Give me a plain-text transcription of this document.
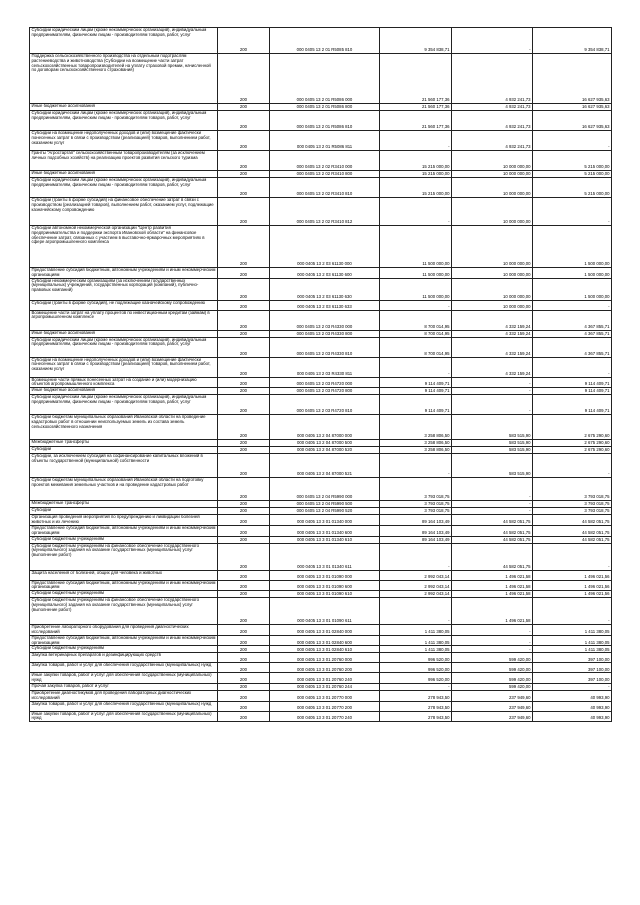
Субсидии юридическим лицам (кроме некоммерческих организаций), индивидуальным предпринимателям, физическим лицам - производителям товаров, работ, услуг	200	000 0405 13 2 01 R5085 810	9 354 838,71	-	9 354 838,71
Поддержка сельскохозяйственного производства на отдельным подотраслям растениеводства и животноводства (Субсидии на возмещение части затрат сельскохозяйственных товаропроизводителей на уплату страховой премии, начисленной по договорам сельскохозяйственного страхования)	200	000 0405 13 2 01 R5086 000	21 560 177,36	4 932 241,73	16 627 935,63
Иные бюджетные ассигнования	200	000 0405 13 2 01 R5086 800	21 560 177,36	4 932 241,73	16 627 935,63
Субсидии юридическим лицам (кроме некоммерческих организаций), индивидуальным предпринимателям, физическим лицам - производителям товаров, работ, услуг	200	000 0405 13 2 01 R5086 810	21 560 177,36	4 932 241,73	16 627 935,63
Субсидии на возмещение недополученных доходов и (или) возмещение фактически понесенных затрат в связи с производством (реализацией) товаров, выполнением работ, оказанием услуг	200	000 0405 13 2 01 R5086 811	-	4 932 241,73	-
Гранты "Агростартап" сельскохозяйственным товаропроизводителям (за исключением личных подсобных хозяйств) на реализацию проектов развития сельского туризма	200	000 0405 13 2 02 R3410 000	15 215 000,00	10 000 000,00	5 215 000,00
Иные бюджетные ассигнования	200	000 0405 13 2 02 R3410 800	15 215 000,00	10 000 000,00	5 215 000,00
Субсидии юридическим лицам (кроме некоммерческих организаций), индивидуальным предпринимателям, физическим лицам - производителям товаров, работ, услуг	200	000 0405 13 2 02 R3410 810	15 215 000,00	10 000 000,00	5 215 000,00
Субсидии (гранты в форме субсидий) на финансовое обеспечение затрат в связи с производством (реализацией товаров), выполнением работ, оказанием услуг, подлежащие казначейскому сопровождению	200	000 0405 13 2 02 R3410 812	-	10 000 000,00	-
Субсидии автономной некоммерческой организации "Центр развития предпринимательства и поддержки экспорта Ивановской области" на финансовое обеспечение затрат, связанных с участием в выставочно-ярмарочных мероприятиях в сфере агропромышленного комплекса	200	000 0405 13 2 03 61130 000	11 500 000,00	10 000 000,00	1 500 000,00
Предоставление субсидий бюджетным, автономным учреждениям и иным некоммерческим организациям	200	000 0405 13 2 03 61130 600	11 500 000,00	10 000 000,00	1 500 000,00
Субсидии некоммерческим организациям (за исключением государственных (муниципальных) учреждений, государственных корпораций (компаний), публично-правовых компаний)	200	000 0405 13 2 03 61130 630	11 500 000,00	10 000 000,00	1 500 000,00
Субсидии (гранты в форме субсидий), не подлежащие казначейскому сопровождению	200	000 0405 13 2 03 61130 633	-	10 000 000,00	-
Возмещение части затрат на уплату процентов по инвестиционным кредитам (займам) в агропромышленном комплексе	200	000 0405 13 2 03 R4330 000	8 700 014,95	4 332 159,24	4 367 855,71
Иные бюджетные ассигнования	200	000 0405 13 2 03 R4330 800	8 700 014,95	4 332 159,24	4 367 855,71
Субсидии юридическим лицам (кроме некоммерческих организаций), индивидуальным предпринимателям, физическим лицам - производителям товаров, работ, услуг	200	000 0405 13 2 03 R4330 810	8 700 014,95	4 332 159,24	4 367 855,71
Субсидии на возмещение недополученных доходов и (или) возмещение фактически понесенных затрат в связи с производством (реализацией) товаров, выполнением работ, оказанием услуг	200	000 0405 13 2 03 R4330 811	-	4 332 159,24	-
Возмещение части прямых понесенных затрат на создание и (или) модернизацию объектов агропромышленного комплекса	200	000 0405 13 2 03 R4720 000	9 114 409,71	-	9 114 409,71
Иные бюджетные ассигнования	200	000 0405 13 2 03 R4720 800	9 114 409,71	-	9 114 409,71
Субсидии юридическим лицам (кроме некоммерческих организаций), индивидуальным предпринимателям, физическим лицам - производителям товаров, работ, услуг	200	000 0405 13 2 03 R4720 810	9 114 409,71	-	9 114 409,71
Субсидии бюджетам муниципальных образований Ивановской области на проведение кадастровых работ в отношении неиспользуемых земель из состава земель сельскохозяйственного назначения	200	000 0405 13 2 04 87000 000	3 258 806,50	583 515,90	2 675 290,60
Межбюджетные трансферты	200	000 0405 13 2 04 87000 500	3 258 806,50	583 515,90	2 675 290,60
Субсидии	200	000 0405 13 2 04 87000 520	3 258 806,50	583 515,90	2 675 290,60
Субсидии, за исключением субсидий на софинансирование капитальных вложений в объекты государственной (муниципальной) собственности	200	000 0405 13 2 04 87000 521	-	583 515,90	-
Субсидии бюджетам муниципальных образований Ивановской области на подготовку проектов межевания земельных участков и на проведение кадастровых работ	200	000 0405 13 2 04 R5990 000	3 793 018,75	-	3 793 018,75
Межбюджетные трансферты	200	000 0405 13 2 04 R5990 500	3 793 018,75	-	3 793 018,75
Субсидии	200	000 0405 13 2 04 R5990 520	3 793 018,75	-	3 793 018,75
Организация проведения мероприятий по предупреждению и ликвидации болезней животных и их лечению	200	000 0405 13 3 01 01340 000	89 164 103,49	44 582 051,75	44 582 051,75
Предоставление субсидий бюджетным, автономным учреждениям и иным некоммерческим организациям	200	000 0405 13 3 01 01340 600	89 164 103,49	44 582 051,75	44 582 051,75
Субсидии бюджетным учреждениям	200	000 0405 13 3 01 01340 610	89 164 103,49	44 582 051,75	44 582 051,75
Субсидии бюджетным учреждениям на финансовое обеспечение государственного (муниципального) задания на оказание государственных (муниципальных) услуг (выполнение работ)	200	000 0405 13 3 01 01340 611	-	44 582 051,75	-
Защита населения от болезней, общих для человека и животных	200	000 0405 13 3 01 01090 000	2 992 043,14	1 496 021,58	1 496 021,56
Предоставление субсидий бюджетным, автономным учреждениям и иным некоммерческим организациям	200	000 0405 13 3 01 01090 600	2 992 043,14	1 496 021,58	1 496 021,56
Субсидии бюджетным учреждениям	200	000 0405 13 3 01 01090 610	2 992 043,14	1 496 021,58	1 496 021,56
Субсидии бюджетным учреждениям на финансовое обеспечение государственного (муниципального) задания на оказание государственных (муниципальных) услуг (выполнение работ)	200	000 0405 13 3 01 01090 611	-	1 496 021,58	-
Приобретение лабораторного оборудования для проведения диагностических исследований	200	000 0405 13 3 01 02840 000	1 411 380,05	-	1 411 380,05
Предоставление субсидий бюджетным, автономным учреждениям и иным некоммерческим организациям	200	000 0405 13 3 01 02840 600	1 411 380,05	-	1 411 380,05
Субсидии бюджетным учреждениям	200	000 0405 13 3 01 02840 610	1 411 380,05	-	1 411 380,05
Закупка ветеринарных препаратов и дезинфицирующих средств	200	000 0405 13 3 01 20760 000	996 520,00	599 420,00	397 100,00
Закупка товаров, работ и услуг для обеспечения государственных (муниципальных) нужд	200	000 0405 13 3 01 20760 200	996 520,00	599 420,00	397 100,00
Иные закупки товаров, работ и услуг для обеспечения государственных (муниципальных) нужд	200	000 0405 13 3 01 20760 240	996 520,00	599 420,00	397 100,00
Прочая закупка товаров, работ и услуг	200	000 0405 13 3 01 20760 244	-	599 420,00	-
Приобретение диагностикумов для проведения лабораторных диагностических исследований	200	000 0405 13 3 01 20770 000	278 943,50	237 949,60	40 993,90
Закупка товаров, работ и услуг для обеспечения государственных (муниципальных) нужд	200	000 0405 13 3 01 20770 200	278 943,50	237 949,60	40 993,90
Иные закупки товаров, работ и услуг для обеспечения государственных (муниципальных) нужд	200	000 0405 13 3 01 20770 240	278 943,50	237 949,60	40 993,90
